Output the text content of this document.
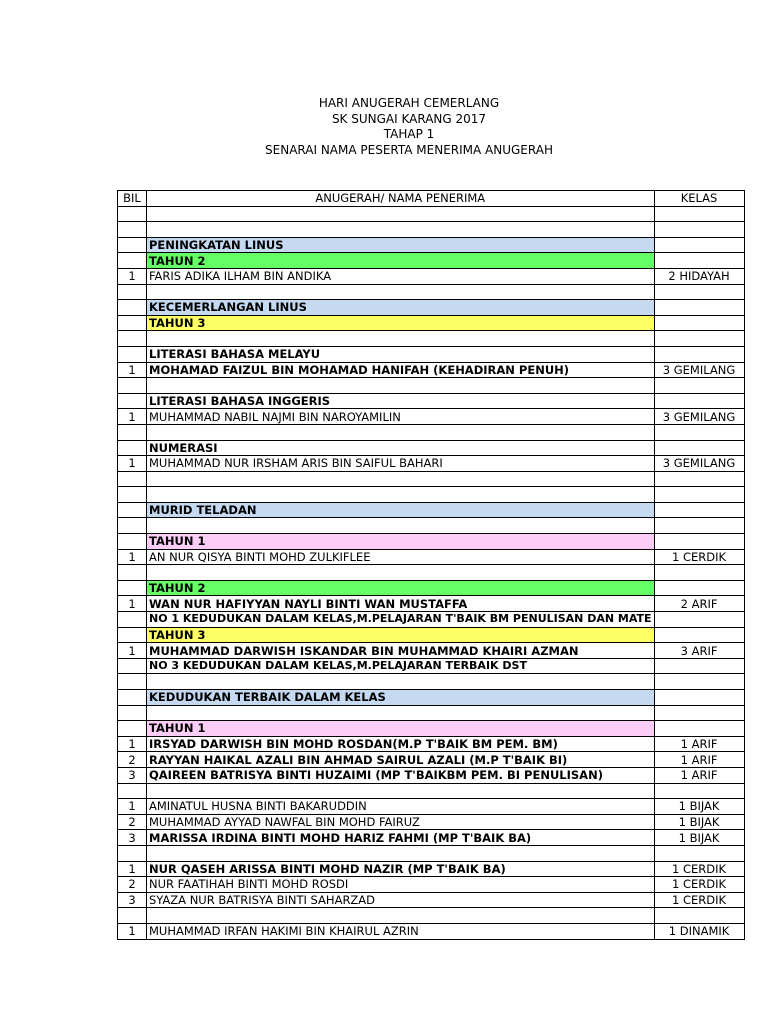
HARI ANUGERAH CEMERLANG
SK SUNGAI KARANG 2017
TAHAP 1
SENARAI NAMA PESERTA MENERIMA ANUGERAH
BIL	ANUGERAH/ NAMA PENERIMA	KELAS

	PENINGKATAN LINUS	
	TAHUN 2	
1	FARIS ADIKA ILHAM BIN ANDIKA	2 HIDAYAH

	KECEMERLANGAN LINUS	
	TAHUN 3	

	LITERASI BAHASA MELAYU	
1	MOHAMAD FAIZUL BIN MOHAMAD HANIFAH (KEHADIRAN PENUH)	3 GEMILANG

	LITERASI BAHASA INGGERIS	
1	MUHAMMAD NABIL NAJMI BIN NAROYAMILIN	3 GEMILANG

	NUMERASI	
1	MUHAMMAD NUR IRSHAM ARIS BIN SAIFUL BAHARI	3 GEMILANG

	MURID TELADAN	

	TAHUN 1	
1	AN NUR QISYA BINTI MOHD ZULKIFLEE	1 CERDIK

	TAHUN 2	
1	WAN NUR HAFIYYAN NAYLI BINTI WAN MUSTAFFA	2 ARIF
	NO 1 KEDUDUKAN DALAM KELAS,M.PELAJARAN T'BAIK BM PENULISAN DAN MATE	
	TAHUN 3	
1	MUHAMMAD DARWISH ISKANDAR BIN MUHAMMAD KHAIRI AZMAN	3 ARIF
	NO 3 KEDUDUKAN DALAM KELAS,M.PELAJARAN TERBAIK DST	

	KEDUDUKAN TERBAIK DALAM KELAS	

	TAHUN 1	
1	IRSYAD DARWISH BIN MOHD ROSDAN(M.P T'BAIK BM PEM. BM)	1 ARIF
2	RAYYAN HAIKAL AZALI BIN AHMAD SAIRUL AZALI (M.P T'BAIK BI)	1 ARIF
3	QAIREEN BATRISYA BINTI HUZAIMI (MP T'BAIKBM PEM. BI PENULISAN)	1 ARIF

1	AMINATUL HUSNA BINTI BAKARUDDIN	1 BIJAK
2	MUHAMMAD AYYAD NAWFAL BIN MOHD FAIRUZ	1 BIJAK
3	MARISSA IRDINA BINTI MOHD HARIZ FAHMI (MP T'BAIK BA)	1 BIJAK

1	NUR QASEH ARISSA BINTI MOHD NAZIR (MP T'BAIK BA)	1 CERDIK
2	NUR FAATIHAH BINTI MOHD ROSDI	1 CERDIK
3	SYAZA NUR BATRISYA BINTI SAHARZAD	1 CERDIK

1	MUHAMMAD IRFAN HAKIMI BIN KHAIRUL AZRIN	1 DINAMIK
